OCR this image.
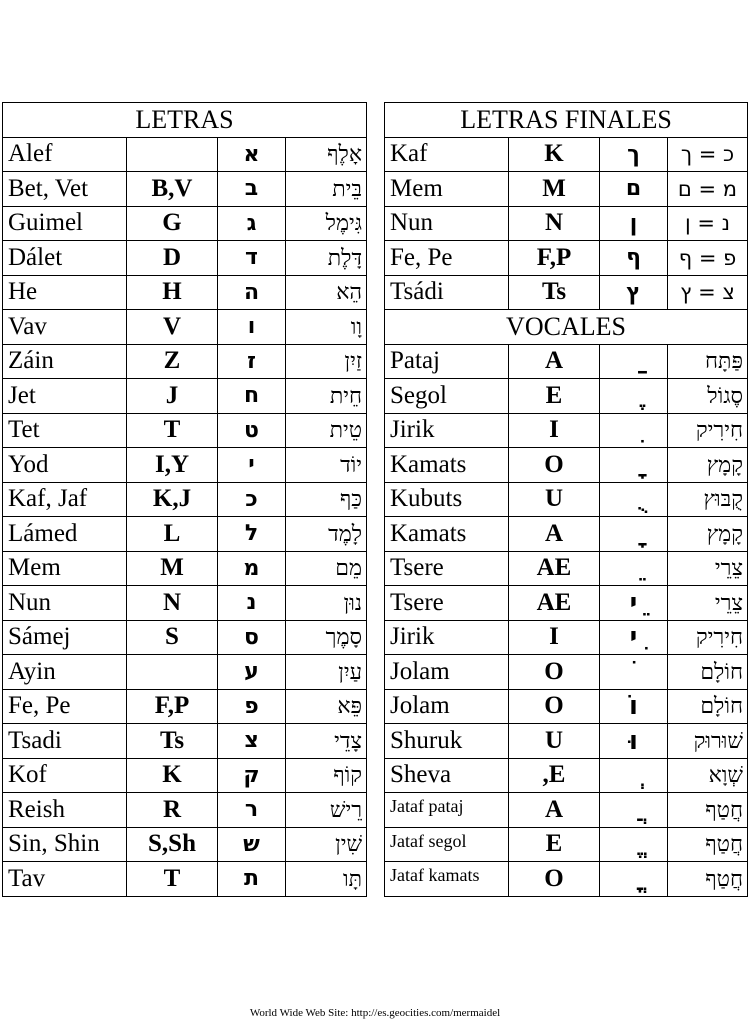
LETRAS			
Alef		א	אָלֶף
Bet, Vet	B,V	ב	בֵּית
Guimel	G	ג	גִּימֶל
Dálet	D	ד	דָּלֶת
He	H	ה	הֵא
Vav	V	ו	וָו
Záin	Z	ז	זַיִן
Jet	J	ח	חֵית
Tet	T	ט	טֵית
Yod	I,Y	י	יוֹד
Kaf, Jaf	K,J	כ	כַּף
Lámed	L	ל	לָמֶד
Mem	M	מ	מֵם
Nun	N	נ	נוּן
Sámej	S	ס	סָמֶך
Ayin		ע	עַיִן
Fe, Pe	F,P	פ	פֵּא
Tsadi	Ts	צ	צָדֵי
Kof	K	ק	קוֹף
Reish	R	ר	רֵישׁ
Sin, Shin	S,Sh	ש	שִׁין
Tav	T	ת	תָּו
LETRAS FINALES			
Kaf	K	ך	כ = ך
Mem	M	ם	מ = ם
Nun	N	ן	נ = ן
Fe, Pe	F,P	ף	פ = ף
Tsádi	Ts	ץ	צ = ץ
VOCALES			
Pataj	A		פַּתָּח
Segol	E		סֶגוֹל
Jirik	I		חִירִיק
Kamats	O		קָמָץ
Kubuts	U		קֻבּוּץ
Kamats	A		קָמָץ
Tsere	AE		צֵרֵי
Tsere	AE	ֵי	צֵרֵי
Jirik	I	ִי	חִירִיק
Jolam	O		חוֹלָם
Jolam	O	וֹ	חוֹלָם
Shuruk	U	וּ	שׁוּרוּק
Sheva	,E		שְׁוָא
Jataf pataj	A		חֲטַף
Jataf segol	E		חֲטַף
Jataf kamats	O		חֲטַף
World Wide Web Site: http://es.geocities.com/mermaidel
